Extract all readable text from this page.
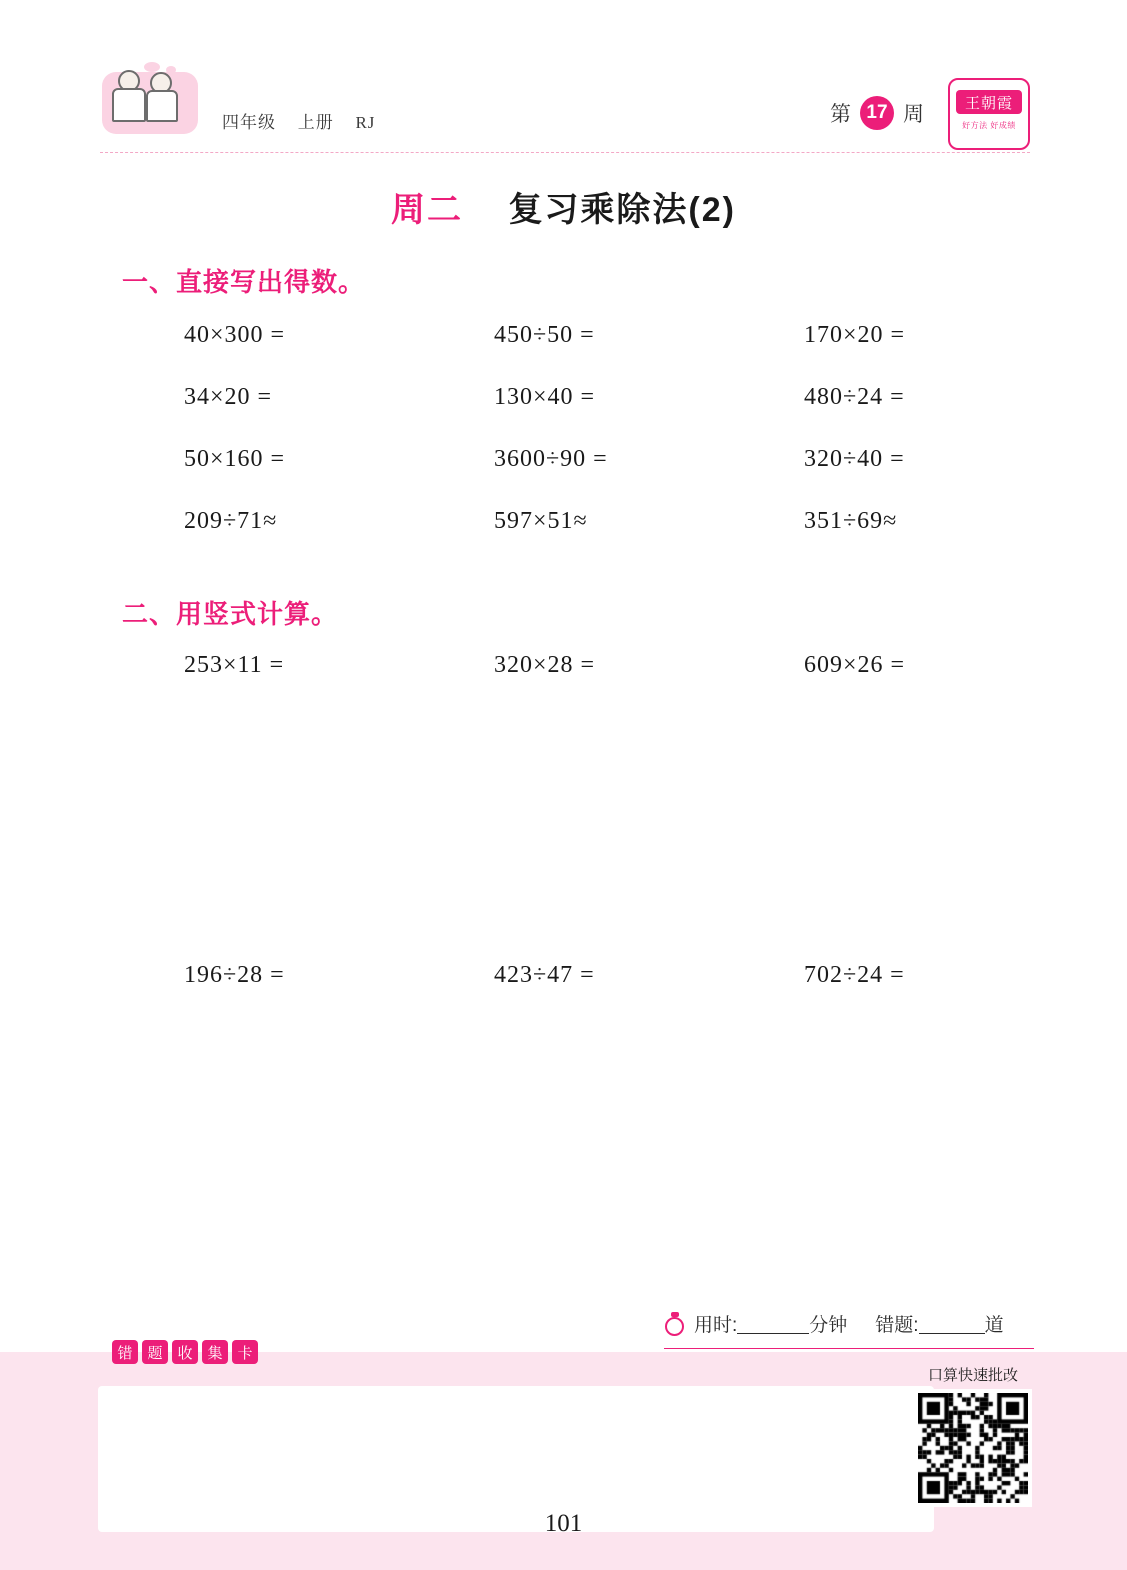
四年级 上册 RJ	第 17 周	王朝霞
好方法 好成绩
周二 复习乘除法(2)
一、直接写出得数。
40×300 =	450÷50 =	170×20 =
34×20 =	130×40 =	480÷24 =
50×160 =	3600÷90 =	320÷40 =
209÷71≈	597×51≈	351÷69≈
二、用竖式计算。
253×11 =	320×28 =	609×26 =
196÷28 =	423÷47 =	702÷24 =
用时:	分钟 错题:	道
错 题 收 集 卡
口算快速批改
101
